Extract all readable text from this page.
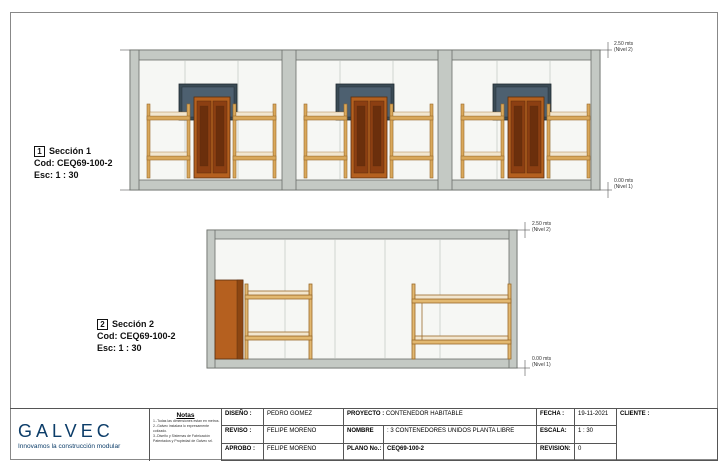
2.50 mts
(Nivel 2)
0.00 mts
(Nivel 1)
2.50 mts
(Nivel 2)
0.00 mts
(Nivel 1)
1 Sección 1
Cod: CEQ69-100-2
Esc: 1 : 30
2 Sección 2
Cod: CEQ69-100-2
Esc: 1 : 30
GALVEC
Innovamos la construcción modular
Notas
1.-Todas las dimensiones estan en metros.
2.-Galvec instalara lo expresamente cotizado.
3.-Diseño y Sistemas de Fabricación Patentados y Propiedad de Galvec srl.
DISEÑO :	PEDRO GOMEZ	PROYECTO : CONTENEDOR HABITABLE	FECHA :	19-11-2021	CLIENTE :
REVISO :	FELIPE MORENO	NOMBRE	: 3 CONTENEDORES UNIDOS PLANTA LIBRE	ESCALA:	1 : 30
APROBO :	FELIPE MORENO	PLANO No.: CEQ69-100-2	REVISION:	0
